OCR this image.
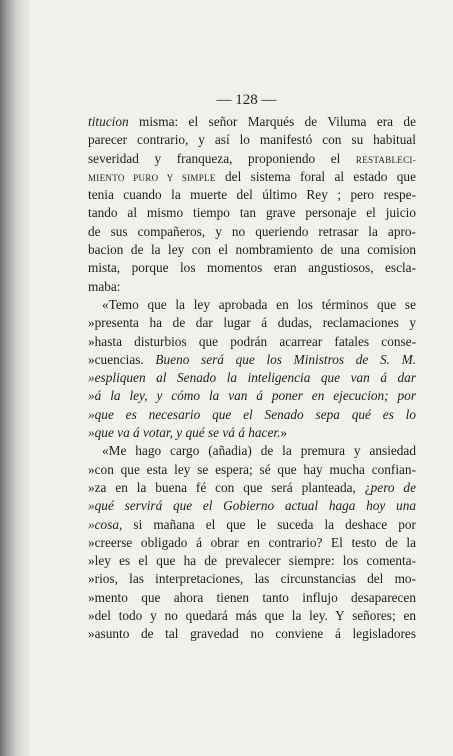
— 128 —
titucion misma: el señor Marqués de Viluma era de
parecer contrario, y así lo manifestó con su habitual
severidad y franqueza, proponiendo el RESTABLECI-
MIENTO PURO Y SIMPLE del sistema foral al estado que
tenia cuando la muerte del último Rey ; pero respe-
tando al mismo tiempo tan grave personaje el juicio
de sus compañeros, y no queriendo retrasar la apro-
bacion de la ley con el nombramiento de una comision
mista, porque los momentos eran angustiosos, escla-
maba:
«Temo que la ley aprobada en los términos que se
»presenta ha de dar lugar á dudas, reclamaciones y
»hasta disturbios que podrán acarrear fatales conse-
»cuencias. Bueno será que los Ministros de S. M.
»espliquen al Senado la inteligencia que van á dar
»á la ley, y cómo la van á poner en ejecucion; por
»que es necesario que el Senado sepa qué es lo
»que va á votar, y qué se vá á hacer.»
«Me hago cargo (añadia) de la premura y ansiedad
»con que esta ley se espera; sé que hay mucha confian-
»za en la buena fé con que será planteada, ¿pero de
»qué servirá que el Gobierno actual haga hoy una
»cosa, si mañana el que le suceda la deshace por
»creerse obligado á obrar en contrario? El testo de la
»ley es el que ha de prevalecer siempre: los comenta-
»rios, las interpretaciones, las circunstancias del mo-
»mento que ahora tienen tanto influjo desaparecen
»del todo y no quedará más que la ley. Y señores; en
»asunto de tal gravedad no conviene á legisladores
